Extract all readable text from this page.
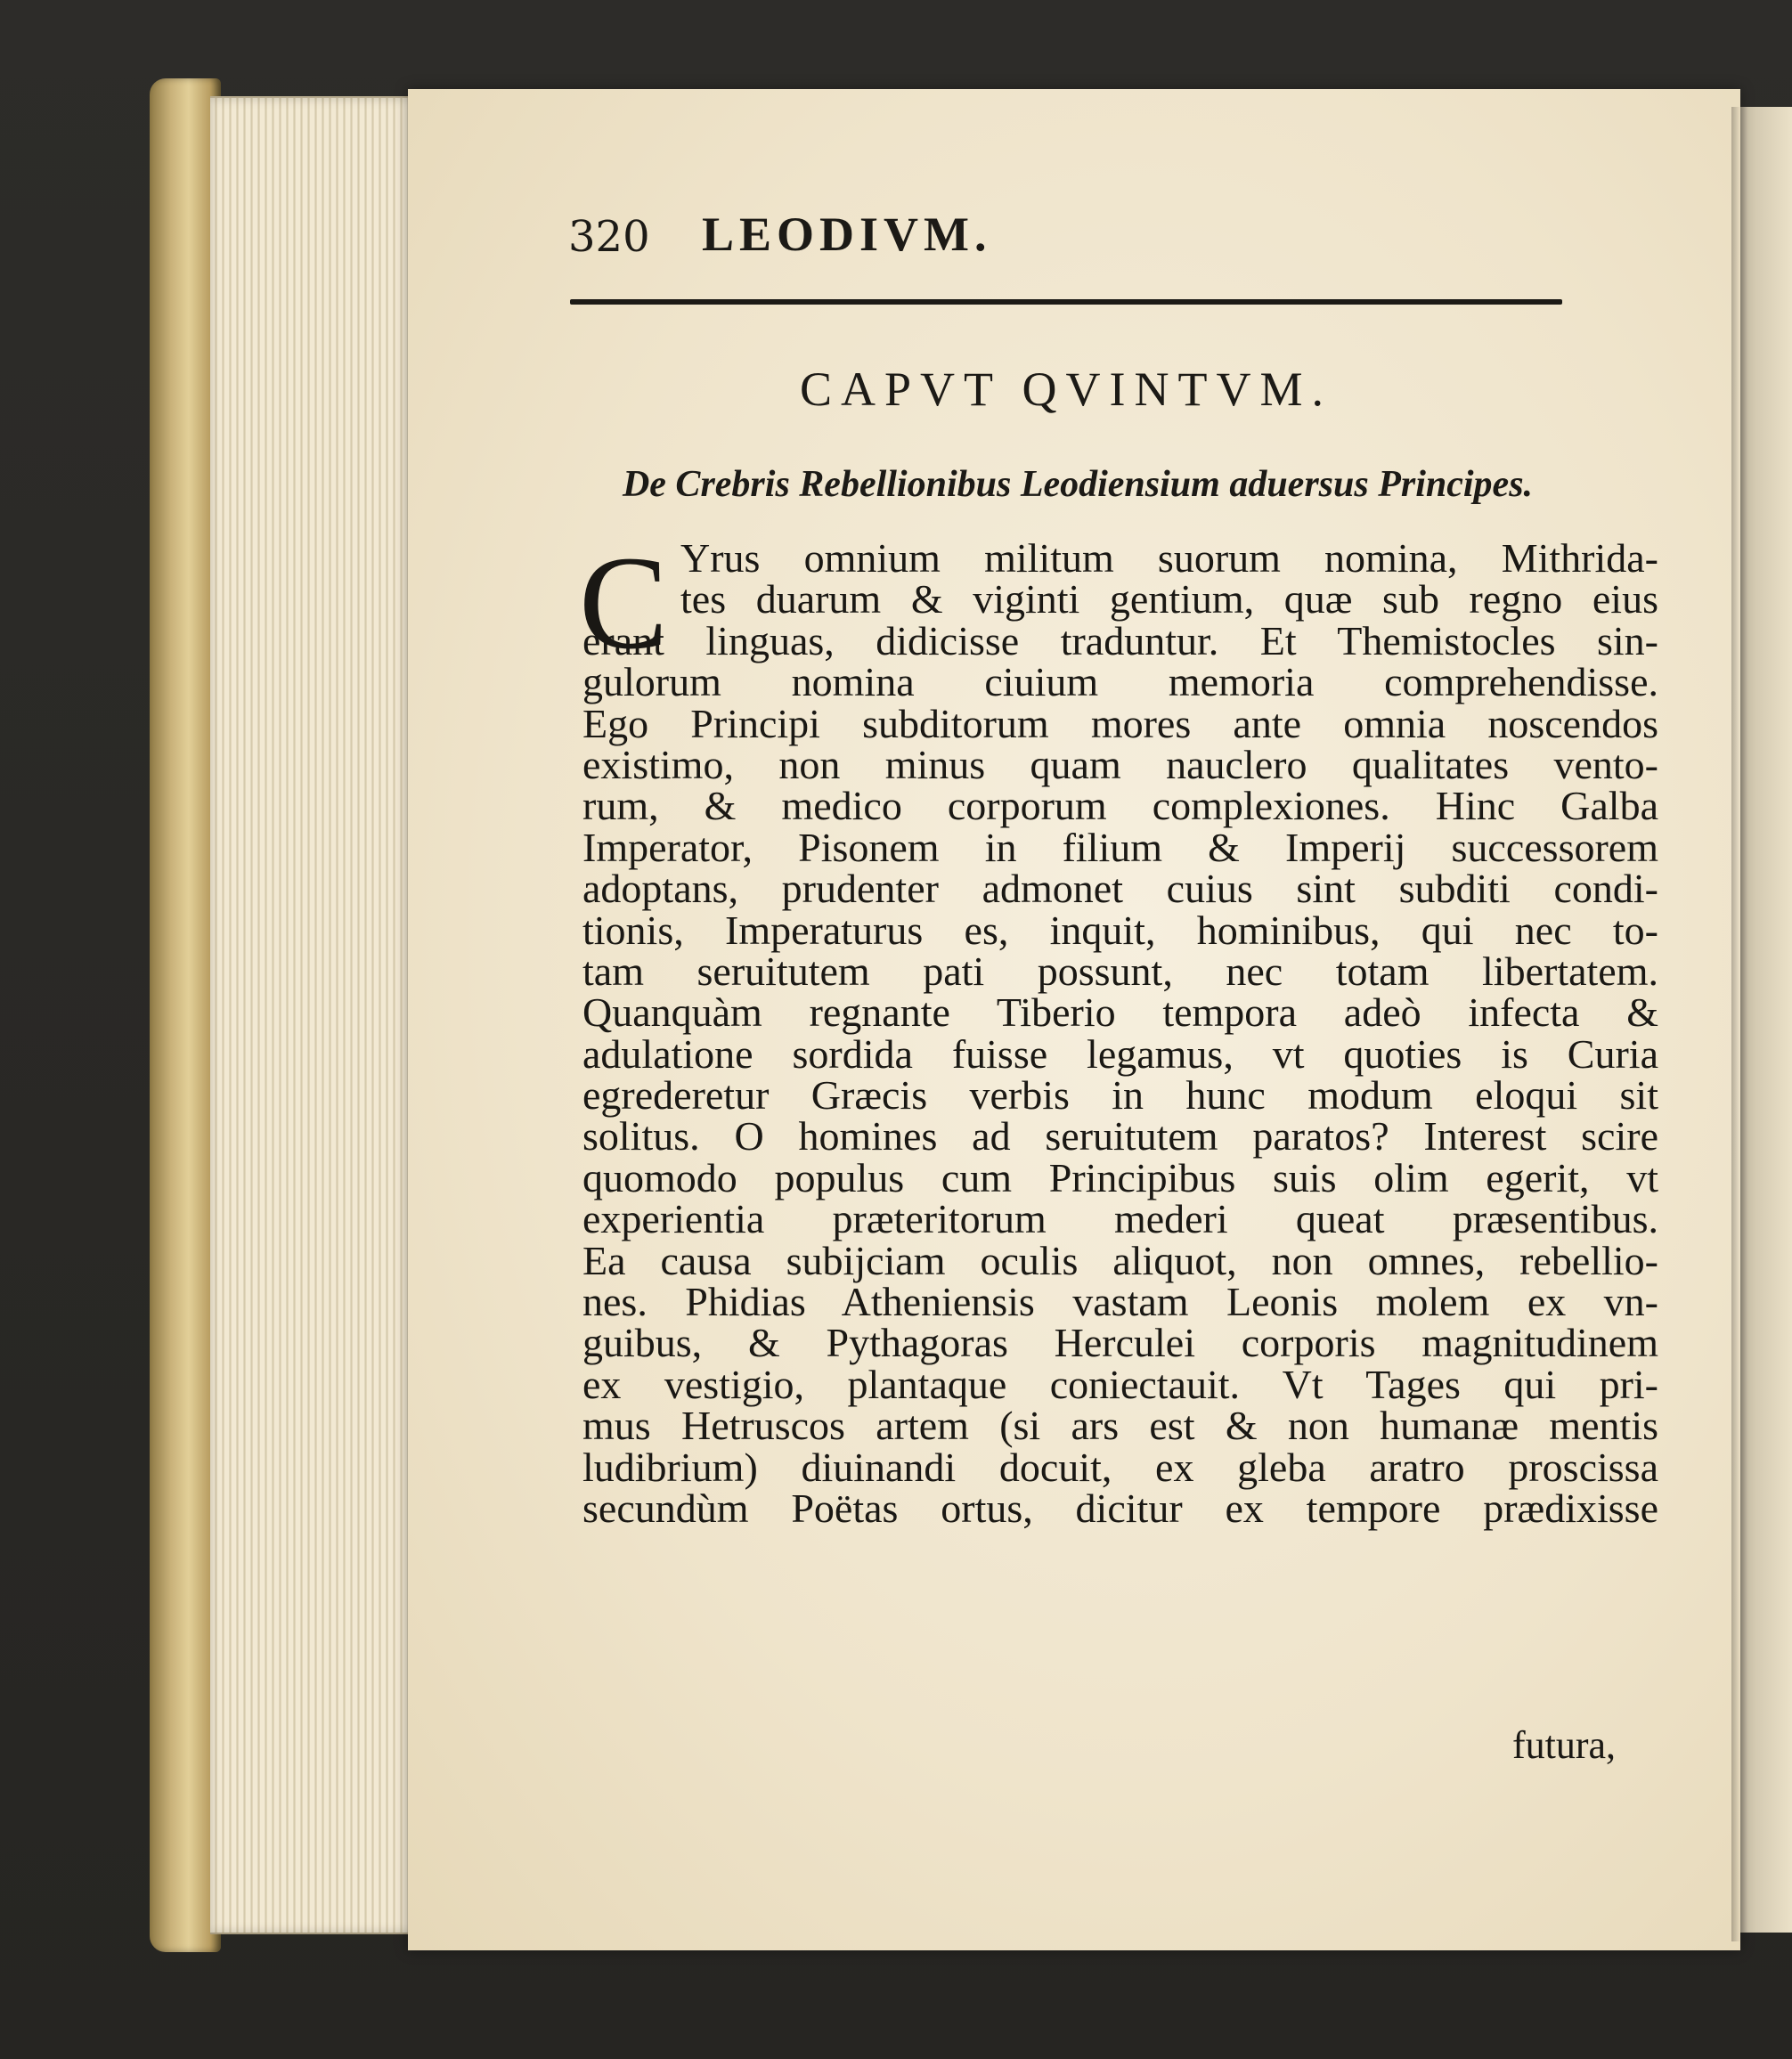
320 LEODIVM.
CAPVT QVINTVM.
De Crebris Rebellionibus Leodiensium aduersus Principes.
C Yrus omnium militum suorum nomina, Mithrida-
tes duarum & viginti gentium, quæ sub regno eius
erant linguas, didicisse traduntur. Et Themistocles sin-
gulorum nomina ciuium memoria comprehendisse.
Ego Principi subditorum mores ante omnia noscendos
existimo, non minus quam nauclero qualitates vento-
rum, & medico corporum complexiones. Hinc Galba
Imperator, Pisonem in filium & Imperij successorem
adoptans, prudenter admonet cuius sint subditi condi-
tionis, Imperaturus es, inquit, hominibus, qui nec to-
tam seruitutem pati possunt, nec totam libertatem.
Quanquàm regnante Tiberio tempora adeò infecta &
adulatione sordida fuisse legamus, vt quoties is Curia
egrederetur Græcis verbis in hunc modum eloqui sit
solitus. O homines ad seruitutem paratos? Interest scire
quomodo populus cum Principibus suis olim egerit, vt
experientia præteritorum mederi queat præsentibus.
Ea causa subijciam oculis aliquot, non omnes, rebellio-
nes. Phidias Atheniensis vastam Leonis molem ex vn-
guibus, & Pythagoras Herculei corporis magnitudinem
ex vestigio, plantaque coniectauit. Vt Tages qui pri-
mus Hetruscos artem (si ars est & non humanæ mentis
ludibrium) diuinandi docuit, ex gleba aratro proscissa
secundùm Poëtas ortus, dicitur ex tempore prædixisse
futura,
